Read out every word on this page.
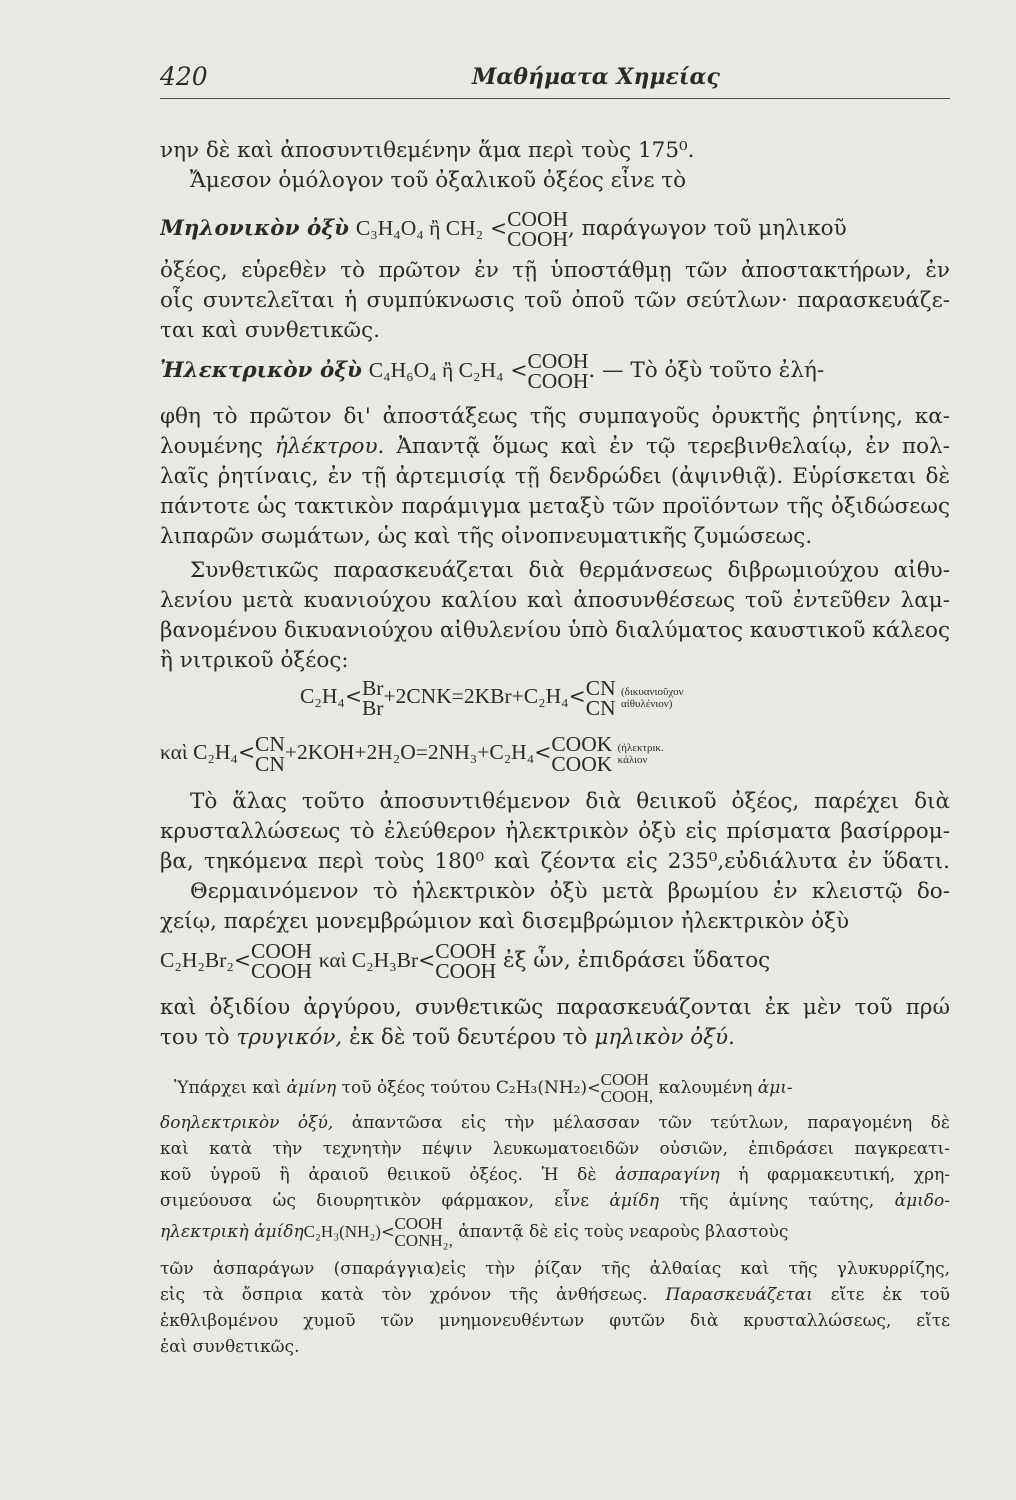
420	Μαθήματα Χημείας
νην δὲ καὶ ἀποσυντιθεμένην ἅμα περὶ τοὺς 175⁰.
Ἄμεσον ὁμόλογον τοῦ ὀξαλικοῦ ὀξέος εἶνε τὸ
Μηλονικὸν ὀξὺ C₃H₄O₄ ἢ CH₂ < COOH
COOH , παράγωγον τοῦ μηλικοῦ
ὀξέος, εὑρεθὲν τὸ πρῶτον ἐν τῇ ὑποστάθμῃ τῶν ἀποστακτήρων, ἐν
οἷς συντελεῖται ἡ συμπύκνωσις τοῦ ὀποῦ τῶν σεύτλων· παρασκευάζε-
ται καὶ συνθετικῶς.
Ἠλεκτρικὸν ὀξὺ C₄H₆O₄ ἢ C₂H₄ < COOH
COOH . — Τὸ ὀξὺ τοῦτο ἐλή-
φθη τὸ πρῶτον δι' ἀποστάξεως τῆς συμπαγοῦς ὀρυκτῆς ῥητίνης, κα-
λουμένης ἠλέκτρου. Ἀπαντᾷ ὅμως καὶ ἐν τῷ τερεβινθελαίῳ, ἐν πολ-
λαῖς ῥητίναις, ἐν τῇ ἀρτεμισίᾳ τῇ δενδρώδει (ἀψινθιᾷ). Εὑρίσκεται δὲ
πάντοτε ὡς τακτικὸν παράμιγμα μεταξὺ τῶν προϊόντων τῆς ὀξιδώσεως
λιπαρῶν σωμάτων, ὡς καὶ τῆς οἰνοπνευματικῆς ζυμώσεως.
Συνθετικῶς παρασκευάζεται διὰ θερμάνσεως διβρωμιούχου αἰθυ-
λενίου μετὰ κυανιούχου καλίου καὶ ἀποσυνθέσεως τοῦ ἐντεῦθεν λαμ-
βανομένου δικυανιούχου αἰθυλενίου ὑπὸ διαλύματος καυστικοῦ κάλεος
ἢ νιτρικοῦ ὀξέος:
C₂H₄< Br
Br
+2CNK=2KBr+C₂H₄< CN
CN

(δικυανιοῦχον
αἰθυλένιον)
καὶ C₂H₄< CN
CN
+2KOH+2H₂O=2NH₃+C₂H₄< COOK
COOK

(ἠλεκτρικ.
κάλιον
Τὸ ἅλας τοῦτο ἀποσυντιθέμενον διὰ θειικοῦ ὀξέος, παρέχει διὰ
κρυσταλλώσεως τὸ ἐλεύθερον ἠλεκτρικὸν ὀξὺ εἰς πρίσματα βασίρρομ-
βα, τηκόμενα περὶ τοὺς 180⁰ καὶ ζέοντα εἰς 235⁰,εὐδιάλυτα ἐν ὕδατι.
Θερμαινόμενον τὸ ἠλεκτρικὸν ὀξὺ μετὰ βρωμίου ἐν κλειστῷ δο-
χείῳ, παρέχει μονεμβρώμιον καὶ δισεμβρώμιον ἠλεκτρικὸν ὀξὺ
C₂H₂Br₂< COOH
COOH καὶ C₂H₃Br< COOH
COOH ἐξ ὧν, ἐπιδράσει ὕδατος
καὶ ὀξιδίου ἀργύρου, συνθετικῶς παρασκευάζονται ἐκ μὲν τοῦ πρώ
του τὸ τρυγικόν, ἐκ δὲ τοῦ δευτέρου τὸ μηλικὸν ὀξύ.
Ὑπάρχει καὶ ἀμίνη τοῦ ὀξέος τούτου C₂H₃(NH₂)< COOH
COOH, καλουμένη ἀμι-
δοηλεκτρικὸν ὀξύ, ἀπαντῶσα εἰς τὴν μέλασσαν τῶν τεύτλων, παραγομένη δὲ
καὶ κατὰ τὴν τεχνητὴν πέψιν λευκωματοειδῶν οὐσιῶν, ἐπιδράσει παγκρεατι-
κοῦ ὑγροῦ ἢ ἀραιοῦ θειικοῦ ὀξέος. Ἡ δὲ ἀσπαραγίνη ἡ φαρμακευτική, χρη-
σιμεύουσα ὡς διουρητικὸν φάρμακον, εἶνε ἀμίδη τῆς ἀμίνης ταύτης, ἀμιδο-
ηλεκτρικὴ ἀμίδηC₂H₃(NH₂)< COOH
CONH₂, ἀπαντᾷ δὲ εἰς τοὺς νεαροὺς βλαστοὺς
τῶν ἀσπαράγων (σπαράγγια)εἰς τὴν ῥίζαν τῆς ἀλθαίας καὶ τῆς γλυκυρρίζης,
εἰς τὰ ὄσπρια κατὰ τὸν χρόνον τῆς ἀνθήσεως. Παρασκευάζεται εἴτε ἐκ τοῦ
ἐκθλιβομένου χυμοῦ τῶν μνημονευθέντων φυτῶν διὰ κρυσταλλώσεως, εἴτε
ἐαὶ συνθετικῶς.
